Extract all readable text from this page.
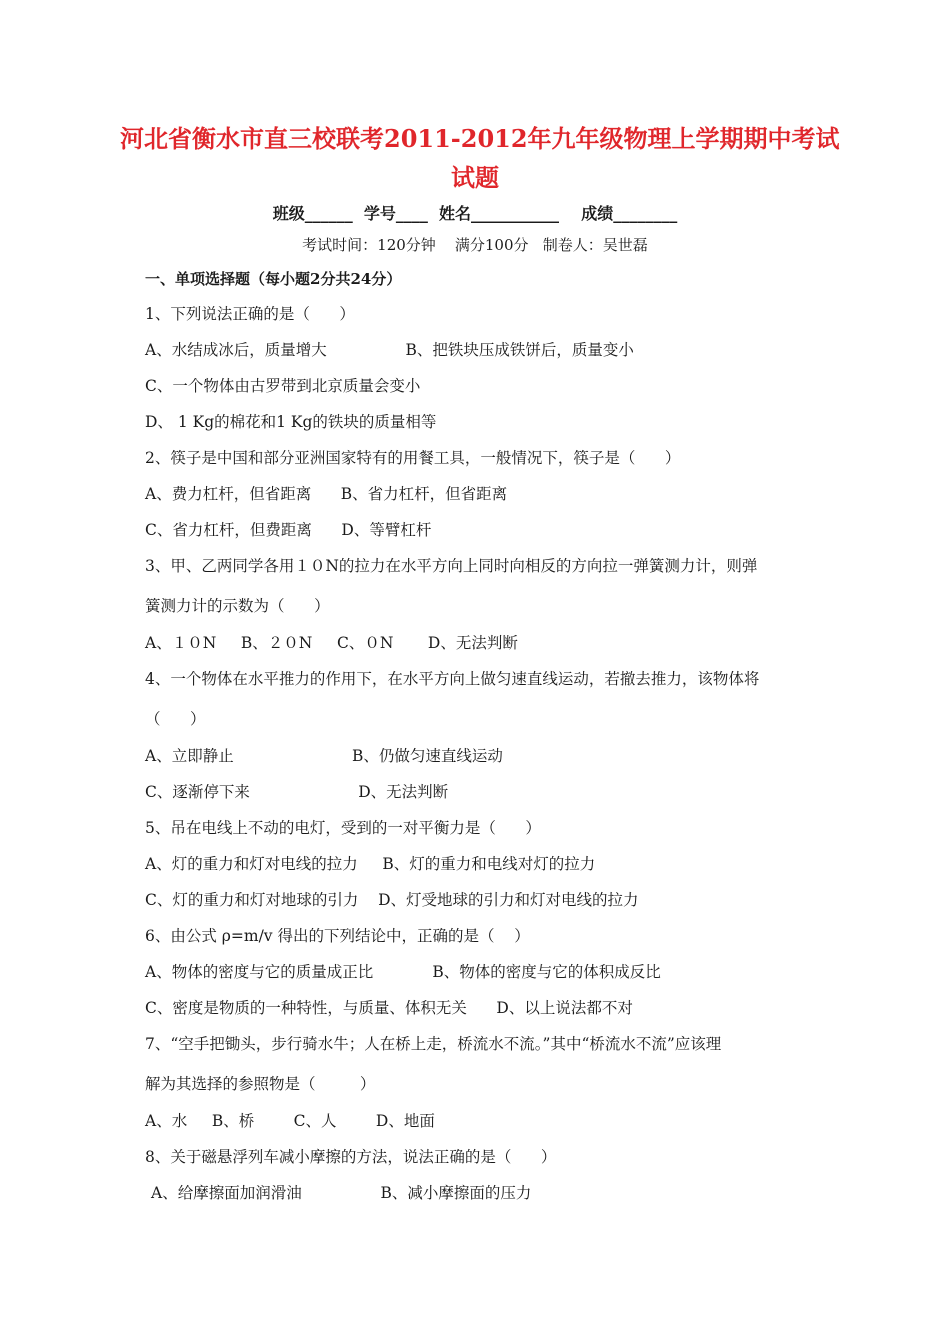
河北省衡水市直三校联考2011-2012年九年级物理上学期期中考试
试题
班级______  学号____  姓名___________    成绩________
考试时间：120分钟    满分100分   制卷人：吴世磊
一、单项选择题（每小题2分共24分）
1、下列说法正确的是（      ）
A、水结成冰后，质量增大                B、把铁块压成铁饼后，质量变小
C、一个物体由古罗带到北京质量会变小
D、 1 Kg的棉花和1 Kg的铁块的质量相等
2、筷子是中国和部分亚洲国家特有的用餐工具，一般情况下，筷子是（      ）
A、费力杠杆，但省距离      B、省力杠杆，但省距离
C、省力杠杆，但费距离      D、等臂杠杆
3、甲、乙两同学各用１０N的拉力在水平方向上同时向相反的方向拉一弹簧测力计，则弹
簧测力计的示数为（      ）
A、１０N     B、２０N     C、０N       D、无法判断
4、一个物体在水平推力的作用下，在水平方向上做匀速直线运动，若撤去推力，该物体将
（      ）
A、立即静止                        B、仍做匀速直线运动
C、逐渐停下来                      D、无法判断
5、吊在电线上不动的电灯，受到的一对平衡力是（      ）
A、灯的重力和灯对电线的拉力     B、灯的重力和电线对灯的拉力
C、灯的重力和灯对地球的引力    D、灯受地球的引力和灯对电线的拉力
6、由公式 ρ=m/v 得出的下列结论中，正确的是（    ）
A、物体的密度与它的质量成正比            B、物体的密度与它的体积成反比
C、密度是物质的一种特性，与质量、体积无关      D、以上说法都不对
7、“空手把锄头，步行骑水牛；人在桥上走，桥流水不流。”其中“桥流水不流”应该理
解为其选择的参照物是（         ）
A、水     B、桥        C、人        D、地面
8、关于磁悬浮列车减小摩擦的方法，说法正确的是（      ）
A、给摩擦面加润滑油                B、减小摩擦面的压力
